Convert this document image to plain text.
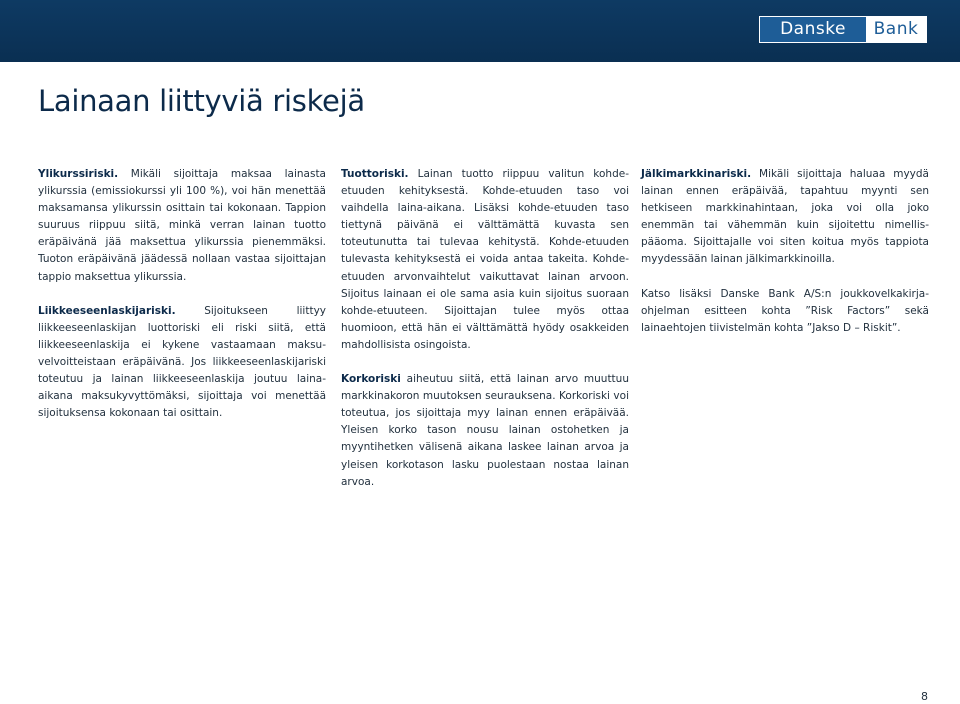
Danske	Bank
Lainaan liittyviä riskejä

Ylikurssiriski. Mikäli sijoittaja maksaa lainasta ylikurssia (emissiokurssi yli 100 %), voi hän menettää maksamansa ylikurssin osittain tai kokonaan. Tappion suuruus riippuu siitä, minkä verran lainan tuotto eräpäivänä jää maksettua ylikurssia pienemmäksi. Tuoton eräpäivänä jäädessä nollaan vastaa sijoittajan tappio maksettua ylikurssia.

Liikkeeseenlaskijariski. Sijoitukseen liittyy liikkeeseenlaskijan luottoriski eli riski siitä, että liikkeeseenlaskija ei kykene vastaamaan maksu-velvoitteistaan eräpäivänä. Jos liikkeeseenlaskijariski toteutuu ja lainan liikkeeseenlaskija joutuu laina-aikana maksukyvyttömäksi, sijoittaja voi menettää sijoituksensa kokonaan tai osittain.

Tuottoriski. Lainan tuotto riippuu valitun kohde-etuuden kehityksestä. Kohde-etuuden taso voi vaihdella laina-aikana. Lisäksi kohde-etuuden taso tiettynä päivänä ei välttämättä kuvasta sen toteutunutta tai tulevaa kehitystä. Kohde-etuuden tulevasta kehityksestä ei voida antaa takeita. Kohde-etuuden arvonvaihtelut vaikuttavat lainan arvoon. Sijoitus lainaan ei ole sama asia kuin sijoitus suoraan kohde-etuuteen. Sijoittajan tulee myös ottaa huomioon, että hän ei välttämättä hyödy osakkeiden mahdollisista osingoista.

Korkoriski aiheutuu siitä, että lainan arvo muuttuu markkinakoron muutoksen seurauksena. Korkoriski voi toteutua, jos sijoittaja myy lainan ennen eräpäivää. Yleisen korko tason nousu lainan ostohetken ja myyntihetken välisenä aikana laskee lainan arvoa ja yleisen korkotason lasku puolestaan nostaa lainan arvoa.

Jälkimarkkinariski. Mikäli sijoittaja haluaa myydä lainan ennen eräpäivää, tapahtuu myynti sen hetkiseen markkinahintaan, joka voi olla joko enemmän tai vähemmän kuin sijoitettu nimellis-pääoma. Sijoittajalle voi siten koitua myös tappiota myydessään lainan jälkimarkkinoilla.

Katso lisäksi Danske Bank A/S:n joukkovelkakirja-ohjelman esitteen kohta ”Risk Factors” sekä lainaehtojen tiivistelmän kohta ”Jakso D – Riskit”.

8
